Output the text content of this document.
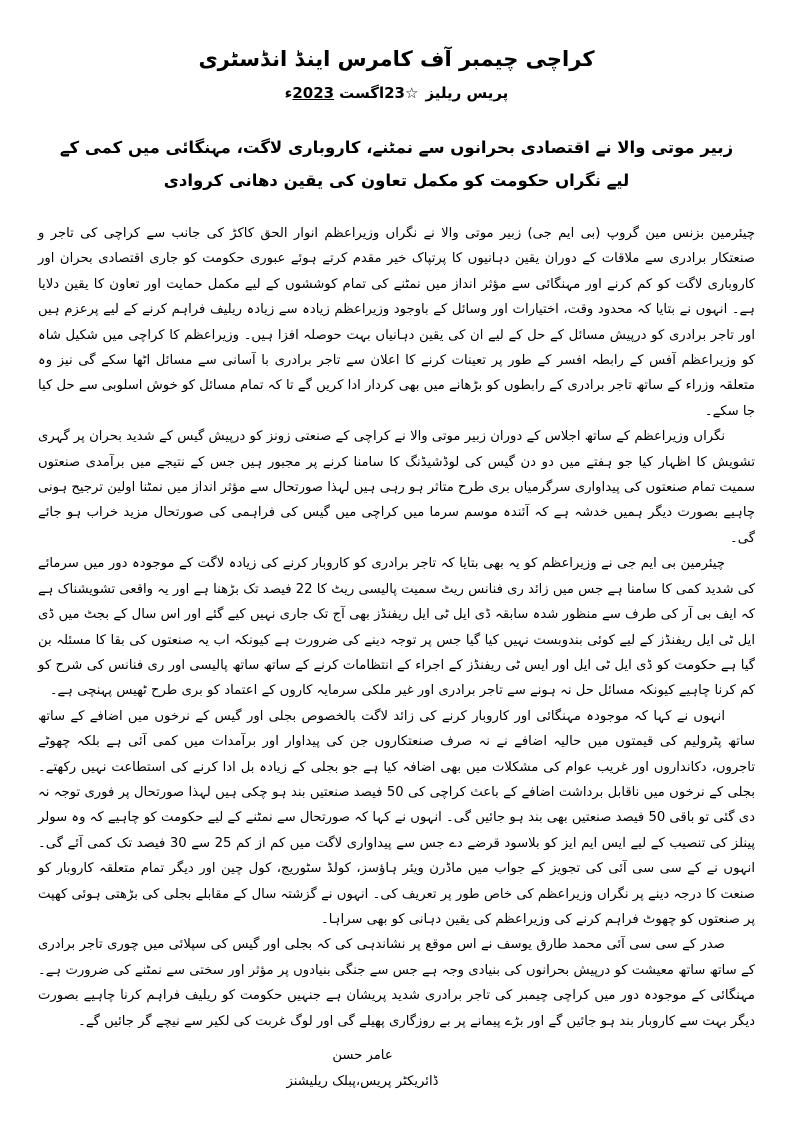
کراچی چیمبر آف کامرس اینڈ انڈسٹری
پریس ریلیز☆23اگست2023ء
زبیر موتی والا نے اقتصادی بحرانوں سے نمٹنے، کاروباری لاگت، مہنگائی میں کمی کے لیے نگراں حکومت کو مکمل تعاون کی یقین دھانی کروادی

چیئرمین بزنس مین گروپ (بی ایم جی) زبیر موتی والا نے نگراں وزیراعظم انوار الحق کاکڑ کی جانب سے کراچی کی تاجر و صنعتکار برادری سے ملاقات کے دوران یقین دہانیوں کا پرتپاک خیر مقدم کرتے ہوئے عبوری حکومت کو جاری اقتصادی بحران اور کاروباری لاگت کو کم کرنے اور مہنگائی سے مؤثر انداز میں نمٹنے کی تمام کوششوں کے لیے مکمل حمایت اور تعاون کا یقین دلایا ہے۔ انہوں نے بتایا کہ محدود وقت، اختیارات اور وسائل کے باوجود وزیراعظم زیادہ سے زیادہ ریلیف فراہم کرنے کے لیے پرعزم ہیں اور تاجر برادری کو درپیش مسائل کے حل کے لیے ان کی یقین دہانیاں بہت حوصلہ افزا ہیں۔ وزیراعظم کا کراچی میں شکیل شاہ کو وزیراعظم آفس کے رابطہ افسر کے طور پر تعینات کرنے کا اعلان سے تاجر برادری با آسانی سے مسائل اٹھا سکے گی نیز وہ متعلقہ وزراء کے ساتھ تاجر برادری کے رابطوں کو بڑھانے میں بھی کردار ادا کریں گے تا کہ تمام مسائل کو خوش اسلوبی سے حل کیا جا سکے۔

نگراں وزیراعظم کے ساتھ اجلاس کے دوران زبیر موتی والا نے کراچی کے صنعتی زونز کو درپیش گیس کے شدید بحران پر گہری تشویش کا اظہار کیا جو ہفتے میں دو دن گیس کی لوڈشیڈنگ کا سامنا کرنے پر مجبور ہیں جس کے نتیجے میں برآمدی صنعتوں سمیت تمام صنعتوں کی پیداواری سرگرمیاں بری طرح متاثر ہو رہی ہیں لہذا صورتحال سے مؤثر انداز میں نمٹنا اولین ترجیح ہونی چاہیے بصورت دیگر ہمیں خدشہ ہے کہ آئندہ موسم سرما میں کراچی میں گیس کی فراہمی کی صورتحال مزید خراب ہو جائے گی۔

چیئرمین بی ایم جی نے وزیراعظم کو یہ بھی بتایا کہ تاجر برادری کو کاروبار کرنے کی زیادہ لاگت کے موجودہ دور میں سرمائے کی شدید کمی کا سامنا ہے جس میں زائد ری فنانس ریٹ سمیت پالیسی ریٹ کا 22 فیصد تک بڑھنا ہے اور یہ واقعی تشویشناک ہے کہ ایف بی آر کی طرف سے منظور شدہ سابقہ ڈی ایل ٹی ایل ریفنڈز بھی آج تک جاری نہیں کیے گئے اور اس سال کے بجٹ میں ڈی ایل ٹی ایل ریفنڈز کے لیے کوئی بندوبست نہیں کیا گیا جس پر توجہ دینے کی ضرورت ہے کیونکہ اب یہ صنعتوں کی بقا کا مسئلہ بن گیا ہے حکومت کو ڈی ایل ٹی ایل اور ایس ٹی ریفنڈز کے اجراء کے انتظامات کرنے کے ساتھ ساتھ پالیسی اور ری فنانس کی شرح کو کم کرنا چاہیے کیونکہ مسائل حل نہ ہونے سے تاجر برادری اور غیر ملکی سرمایہ کاروں کے اعتماد کو بری طرح ٹھیس پہنچی ہے۔

انہوں نے کہا کہ موجودہ مہنگائی اور کاروبار کرنے کی زائد لاگت بالخصوص بجلی اور گیس کے نرخوں میں اضافے کے ساتھ ساتھ پٹرولیم کی قیمتوں میں حالیہ اضافے نے نہ صرف صنعتکاروں جن کی پیداوار اور برآمدات میں کمی آئی ہے بلکہ چھوٹے تاجروں، دکانداروں اور غریب عوام کی مشکلات میں بھی اضافہ کیا ہے جو بجلی کے زیادہ بل ادا کرنے کی استطاعت نہیں رکھتے۔ بجلی کے نرخوں میں ناقابل برداشت اضافے کے باعث کراچی کی 50 فیصد صنعتیں بند ہو چکی ہیں لہذا صورتحال پر فوری توجہ نہ دی گئی تو باقی 50 فیصد صنعتیں بھی بند ہو جائیں گی۔ انہوں نے کہا کہ صورتحال سے نمٹنے کے لیے حکومت کو چاہیے کہ وہ سولر پینلز کی تنصیب کے لیے ایس ایم ایز کو بلاسود قرضے دے جس سے پیداواری لاگت میں کم از کم 25 سے 30 فیصد تک کمی آئے گی۔ انہوں نے کے سی سی آئی کی تجویز کے جواب میں ماڈرن ویئر ہاؤسز، کولڈ سٹوریج، کول چین اور دیگر تمام متعلقہ کاروبار کو صنعت کا درجہ دینے پر نگراں وزیراعظم کی خاص طور پر تعریف کی۔ انہوں نے گزشتہ سال کے مقابلے بجلی کی بڑھتی ہوئی کھپت پر صنعتوں کو چھوٹ فراہم کرنے کی وزیراعظم کی یقین دہانی کو بھی سراہا۔

صدر کے سی سی آئی محمد طارق یوسف نے اس موقع پر نشاندہی کی کہ بجلی اور گیس کی سپلائی میں چوری تاجر برادری کے ساتھ ساتھ معیشت کو درپیش بحرانوں کی بنیادی وجہ ہے جس سے جنگی بنیادوں پر مؤثر اور سختی سے نمٹنے کی ضرورت ہے۔ مہنگائی کے موجودہ دور میں کراچی چیمبر کی تاجر برادری شدید پریشان ہے جنہیں حکومت کو ریلیف فراہم کرنا چاہیے بصورت دیگر بہت سے کاروبار بند ہو جائیں گے اور بڑے پیمانے پر بے روزگاری پھیلے گی اور لوگ غربت کی لکیر سے نیچے گر جائیں گے۔

عامر حسن
ڈائریکٹر پریس،پبلک ریلیشنز
